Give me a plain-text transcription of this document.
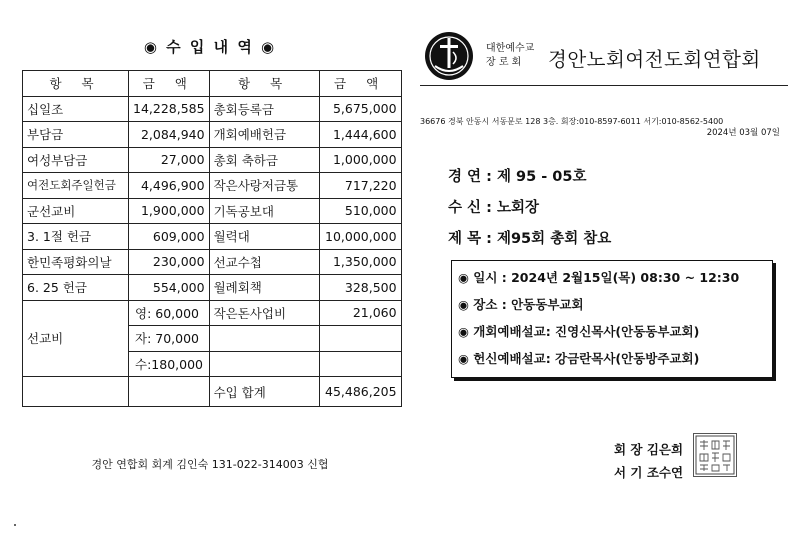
◉ 수 입 내 역 ◉
항 목	금 액	항 목	금 액
십일조	14,228,585	총회등록금	5,675,000
부담금	2,084,940	개회예배헌금	1,444,600
여성부담금	27,000	총회 축하금	1,000,000
여전도회주일헌금	4,496,900	작은사랑저금통	717,220
군선교비	1,900,000	기독공보대	510,000
3. 1절 헌금	609,000	월력대	10,000,000
한민족평화의날	230,000	선교수첩	1,350,000
6. 25 헌금	554,000	월례회책	328,500
선교비	영: 60,000	작은돈사업비	21,060
	자: 70,000		
	수:180,000		
		수입 합계	45,486,205
경안 연합회 회계 김인숙 131-022-314003 신협
대한예수교
장 로 회	경안노회여전도회연합회
36676 경북 안동시 서동문로 128 3층. 회장:010-8597-6011 서기:010-8562-5400
2024년 03월 07일
경 연 : 제 95 - 05호
수 신 : 노회장
제 목 : 제95회 총회 참요
◉ 일시 : 2024년 2월15일(목) 08:30 ~ 12:30
◉ 장소 : 안동동부교회
◉ 개회예배설교: 진영신목사(안동동부교회)
◉ 헌신예배설교: 강금란목사(안동방주교회)
회 장 김은희
서 기 조수연
